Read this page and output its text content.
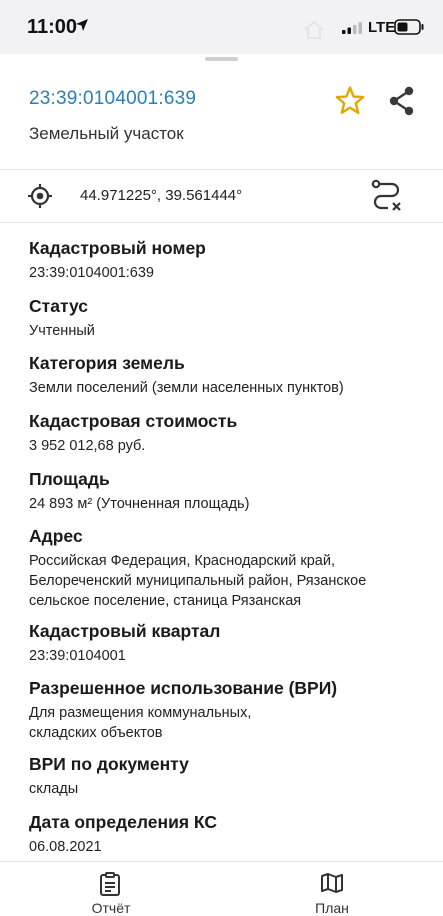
11:00	LTE
23:39:0104001:639
Земельный участок
44.971225°, 39.561444°
Кадастровый номер
23:39:0104001:639
Статус
Учтенный
Категория земель
Земли поселений (земли населенных пунктов)
Кадастровая стоимость
3 952 012,68 руб.
Площадь
24 893 м² (Уточненная площадь)
Адрес
Российская Федерация, Краснодарский край,
Белореченский муниципальный район, Рязанское
сельское поселение, станица Рязанская
Кадастровый квартал
23:39:0104001
Разрешенное использование (ВРИ)
Для размещения коммунальных,
складских объектов
ВРИ по документу
склады
Дата определения КС
06.08.2021
Отчёт	План
